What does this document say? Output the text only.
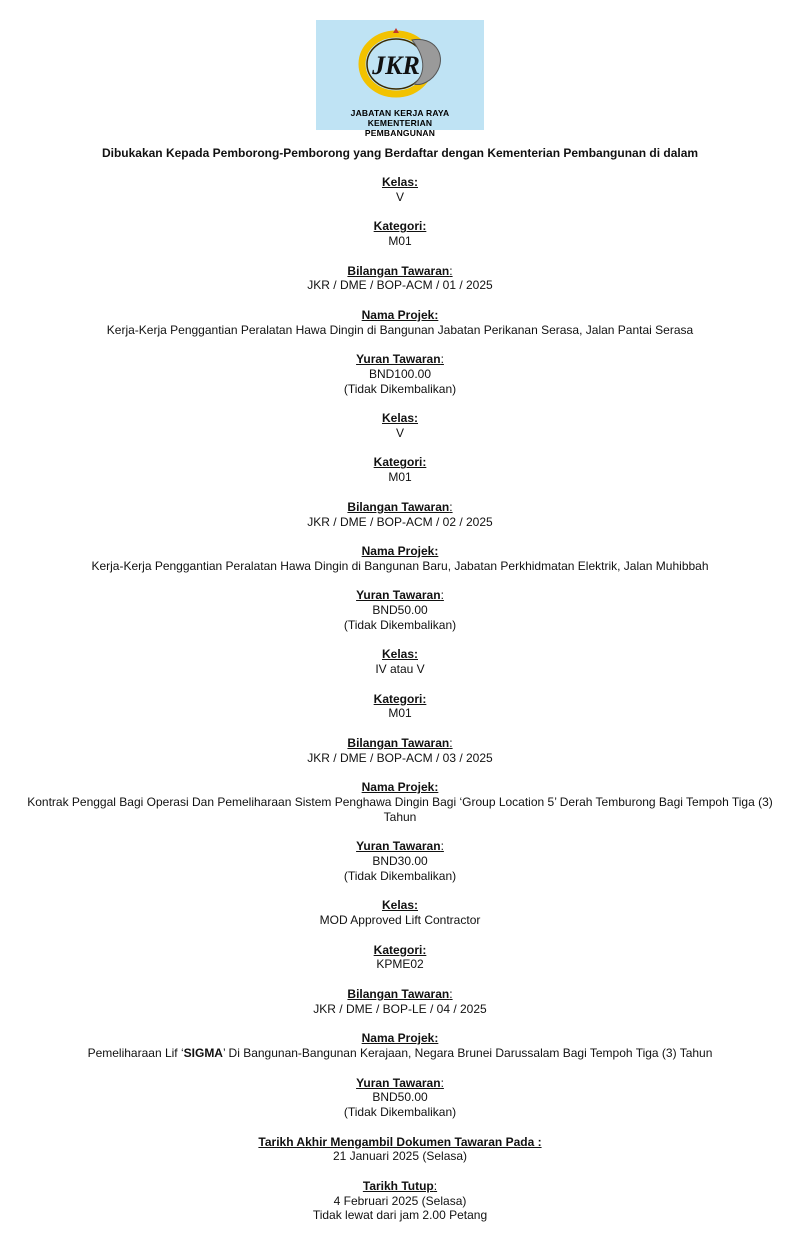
JKR
JABATAN KERJA RAYA
KEMENTERIAN
PEMBANGUNAN
Dibukakan Kepada Pemborong-Pemborong yang Berdaftar dengan Kementerian Pembangunan di dalam
Kelas:
V
Kategori:
M01
Bilangan Tawaran:
JKR / DME / BOP-ACM / 01 / 2025
Nama Projek:
Kerja-Kerja Penggantian Peralatan Hawa Dingin di Bangunan Jabatan Perikanan Serasa, Jalan Pantai Serasa
Yuran Tawaran:
BND100.00
(Tidak Dikembalikan)
Kelas:
V
Kategori:
M01
Bilangan Tawaran:
JKR / DME / BOP-ACM / 02 / 2025
Nama Projek:
Kerja-Kerja Penggantian Peralatan Hawa Dingin di Bangunan Baru, Jabatan Perkhidmatan Elektrik, Jalan Muhibbah
Yuran Tawaran:
BND50.00
(Tidak Dikembalikan)
Kelas:
IV atau V
Kategori:
M01
Bilangan Tawaran:
JKR / DME / BOP-ACM / 03 / 2025
Nama Projek:
Kontrak Penggal Bagi Operasi Dan Pemeliharaan Sistem Penghawa Dingin Bagi ‘Group Location 5’ Derah Temburong Bagi Tempoh Tiga (3) Tahun
Yuran Tawaran:
BND30.00
(Tidak Dikembalikan)
Kelas:
MOD Approved Lift Contractor
Kategori:
KPME02
Bilangan Tawaran:
JKR / DME / BOP-LE / 04 / 2025
Nama Projek:
Pemeliharaan Lif ‘SIGMA’ Di Bangunan-Bangunan Kerajaan, Negara Brunei Darussalam Bagi Tempoh Tiga (3) Tahun
Yuran Tawaran:
BND50.00
(Tidak Dikembalikan)
Tarikh Akhir Mengambil Dokumen Tawaran Pada :
21 Januari 2025 (Selasa)
Tarikh Tutup:
4 Februari 2025 (Selasa)
Tidak lewat dari jam 2.00 Petang
